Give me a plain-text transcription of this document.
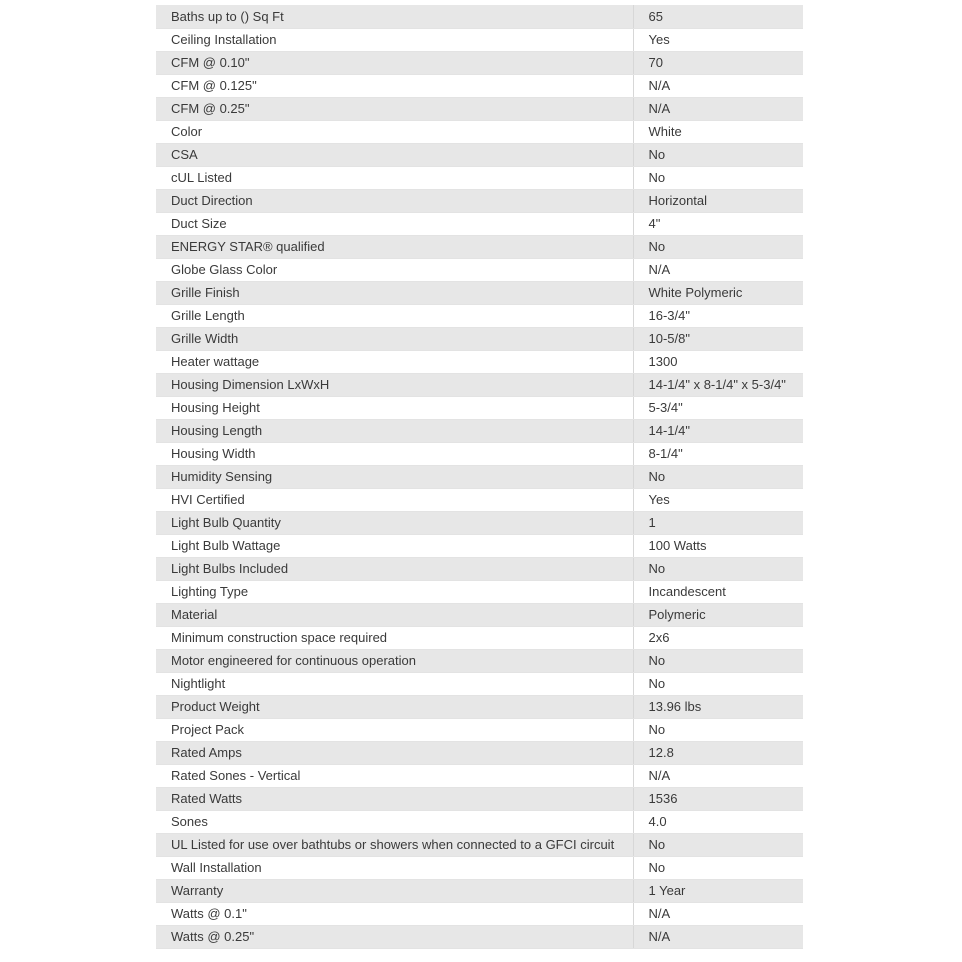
Baths up to () Sq Ft	65
Ceiling Installation	Yes
CFM @ 0.10"	70
CFM @ 0.125"	N/A
CFM @ 0.25"	N/A
Color	White
CSA	No
cUL Listed	No
Duct Direction	Horizontal
Duct Size	4"
ENERGY STAR® qualified	No
Globe Glass Color	N/A
Grille Finish	White Polymeric
Grille Length	16-3/4"
Grille Width	10-5/8"
Heater wattage	1300
Housing Dimension LxWxH	14-1/4" x 8-1/4" x 5-3/4"
Housing Height	5-3/4"
Housing Length	14-1/4"
Housing Width	8-1/4"
Humidity Sensing	No
HVI Certified	Yes
Light Bulb Quantity	1
Light Bulb Wattage	100 Watts
Light Bulbs Included	No
Lighting Type	Incandescent
Material	Polymeric
Minimum construction space required	2x6
Motor engineered for continuous operation	No
Nightlight	No
Product Weight	13.96 lbs
Project Pack	No
Rated Amps	12.8
Rated Sones - Vertical	N/A
Rated Watts	1536
Sones	4.0
UL Listed for use over bathtubs or showers when connected to a GFCI circuit	No
Wall Installation	No
Warranty	1 Year
Watts @ 0.1"	N/A
Watts @ 0.25"	N/A
